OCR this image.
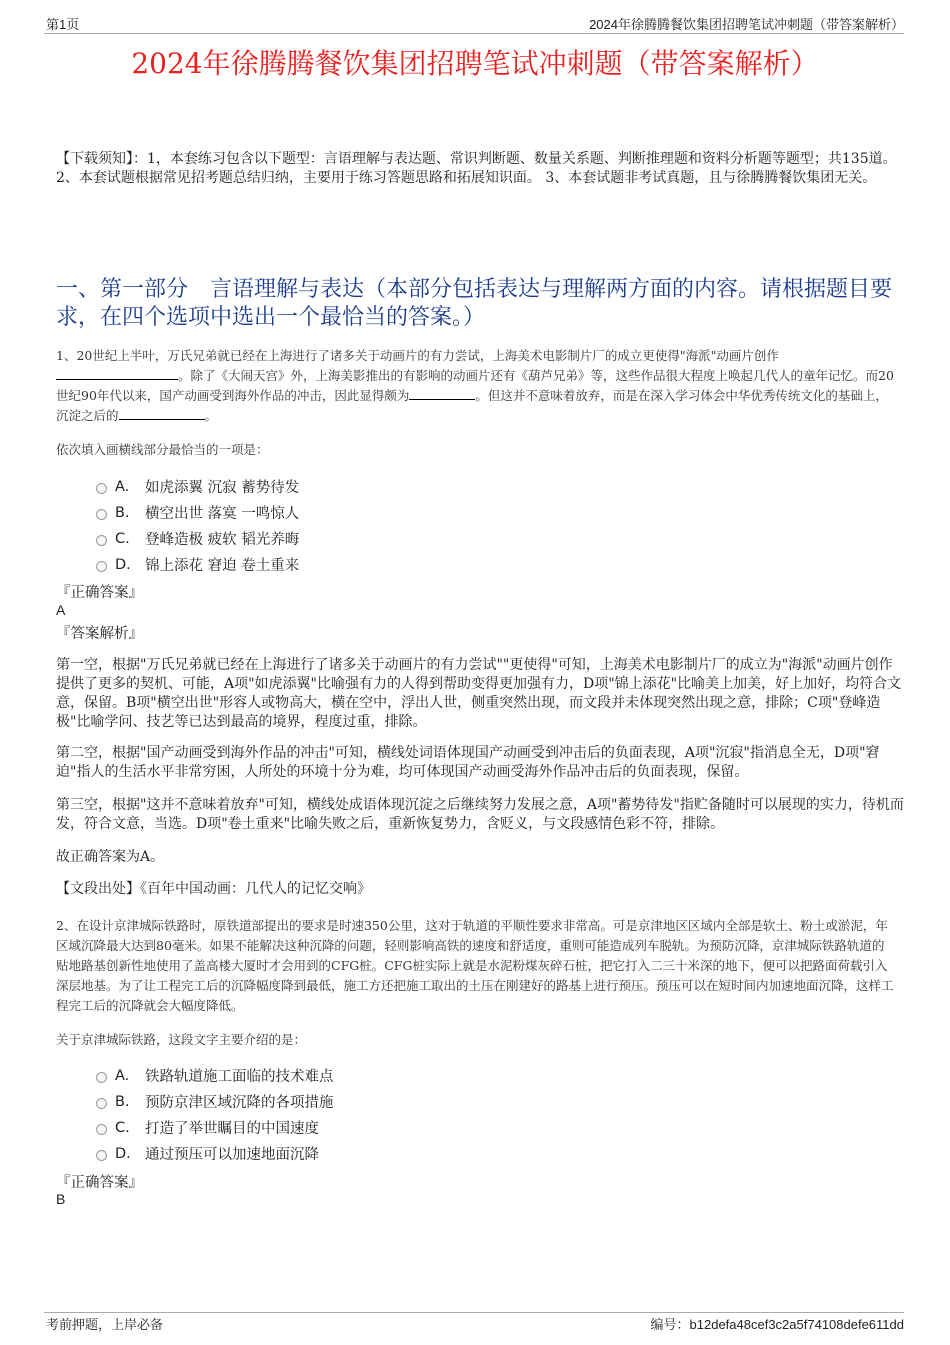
第1页	2024年徐腾腾餐饮集团招聘笔试冲刺题（带答案解析）
2024年徐腾腾餐饮集团招聘笔试冲刺题（带答案解析）
【下载须知】：1，本套练习包含以下题型：言语理解与表达题、常识判断题、数量关系题、判断推理题和资料分析题等题型；共135道。 2、本套试题根据常见招考题总结归纳，主要用于练习答题思路和拓展知识面。 3、本套试题非考试真题，且与徐腾腾餐饮集团无关。
一、第一部分　言语理解与表达（本部分包括表达与理解两方面的内容。请根据题目要求，在四个选项中选出一个最恰当的答案。）
1、20世纪上半叶，万氏兄弟就已经在上海进行了诸多关于动画片的有力尝试，上海美术电影制片厂的成立更使得"海派"动画片创作
。除了《大闹天宫》外，上海美影推出的有影响的动画片还有《葫芦兄弟》等，这些作品很大程度上唤起几代人的童年记忆。而20世纪90年代以来，国产动画受到海外作品的冲击，因此显得颇为	。但这并不意味着放弃，而是在深入学习体会中华优秀传统文化的基础上，沉淀之后的	。
依次填入画横线部分最恰当的一项是：
A.	如虎添翼 沉寂 蓄势待发
B.	横空出世 落寞 一鸣惊人
C.	登峰造极 疲软 韬光养晦
D. 锦上添花 窘迫 卷土重来
『正确答案』
A
『答案解析』
第一空，根据"万氏兄弟就已经在上海进行了诸多关于动画片的有力尝试""更使得"可知，上海美术电影制片厂的成立为"海派"动画片创作提供了更多的契机、可能，A项"如虎添翼"比喻强有力的人得到帮助变得更加强有力，D项"锦上添花"比喻美上加美，好上加好，均符合文意，保留。B项"横空出世"形容人或物高大，横在空中，浮出人世，侧重突然出现，而文段并未体现突然出现之意，排除；C项"登峰造极"比喻学问、技艺等已达到最高的境界，程度过重，排除。
第二空，根据"国产动画受到海外作品的冲击"可知，横线处词语体现国产动画受到冲击后的负面表现，A项"沉寂"指消息全无，D项"窘迫"指人的生活水平非常穷困，人所处的环境十分为难，均可体现国产动画受海外作品冲击后的负面表现，保留。
第三空，根据"这并不意味着放弃"可知，横线处成语体现沉淀之后继续努力发展之意，A项"蓄势待发"指贮备随时可以展现的实力，待机而发，符合文意，当选。D项"卷土重来"比喻失败之后，重新恢复势力，含贬义，与文段感情色彩不符，排除。
故正确答案为A。
【文段出处】《百年中国动画：几代人的记忆交响》
2、在设计京津城际铁路时，原铁道部提出的要求是时速350公里，这对于轨道的平顺性要求非常高。可是京津地区区域内全部是软土、粉土或淤泥，年区域沉降最大达到80毫米。如果不能解决这种沉降的问题，轻则影响高铁的速度和舒适度，重则可能造成列车脱轨。为预防沉降，京津城际铁路轨道的贴地路基创新性地使用了盖高楼大厦时才会用到的CFG桩。CFG桩实际上就是水泥粉煤灰碎石桩，把它打入二三十米深的地下，便可以把路面荷载引入深层地基。为了让工程完工后的沉降幅度降到最低，施工方还把施工取出的土压在刚建好的路基上进行预压。预压可以在短时间内加速地面沉降，这样工程完工后的沉降就会大幅度降低。
关于京津城际铁路，这段文字主要介绍的是：
A.	铁路轨道施工面临的技术难点
B.	预防京津区域沉降的各项措施
C.	打造了举世瞩目的中国速度
D. 通过预压可以加速地面沉降
『正确答案』
B
考前押题，上岸必备	编号：b12defa48cef3c2a5f74108defe611dd
